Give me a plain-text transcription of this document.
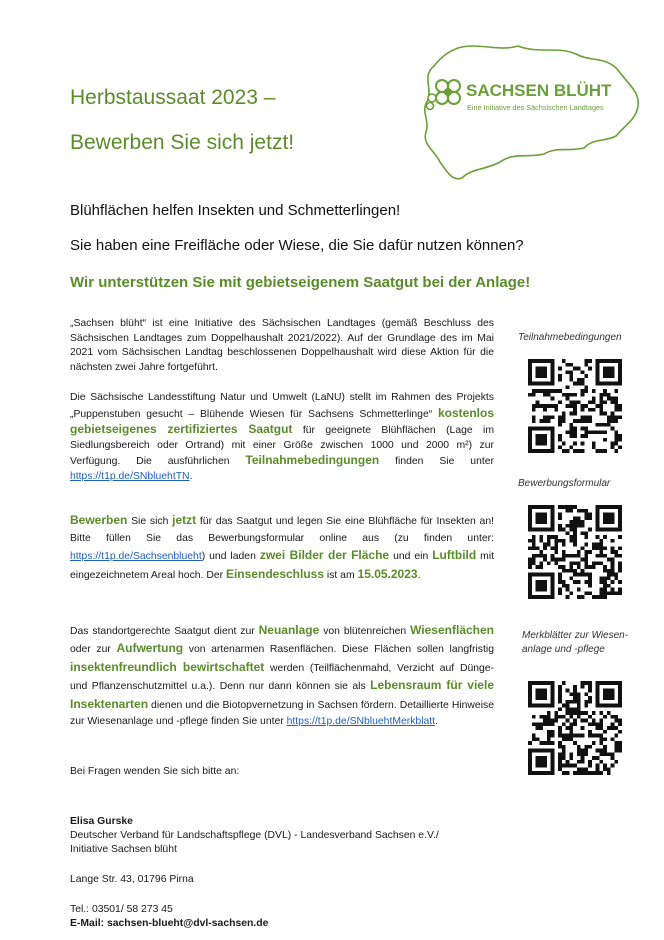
Herbstaussaat 2023 –
Bewerben Sie sich jetzt!
SACHSEN BLÜHT
Eine Initiative des Sächsischen Landtages
Blühflächen helfen Insekten und Schmetterlingen!
Sie haben eine Freifläche oder Wiese, die Sie dafür nutzen können?
Wir unterstützen Sie mit gebietseigenem Saatgut bei der Anlage!
„Sachsen blüht“ ist eine Initiative des Sächsischen Landtages (gemäß Beschluss des Sächsischen Landtages zum Doppelhaushalt 2021/2022). Auf der Grundlage des im Mai 2021 vom Sächsischen Landtag beschlossenen Doppelhaushalt wird diese Aktion für die nächsten zwei Jahre fortgeführt.
Die Sächsische Landesstiftung Natur und Umwelt (LaNU) stellt im Rahmen des Projekts „Puppenstuben gesucht – Blühende Wiesen für Sachsens Schmetterlinge“ kostenlos gebietseigenes zertifiziertes Saatgut für geeignete Blühflächen (Lage im Siedlungsbereich oder Ortrand) mit einer Größe zwischen 1000 und 2000 m²) zur Verfügung. Die ausführlichen Teilnahmebedingungen finden Sie unter https://t1p.de/SNbluehtTN.
Bewerben Sie sich jetzt für das Saatgut und legen Sie eine Blühfläche für Insekten an! Bitte füllen Sie das Bewerbungsformular online aus (zu finden unter: https://t1p.de/Sachsenblueht) und laden zwei Bilder der Fläche und ein Luftbild mit eingezeichnetem Areal hoch. Der Einsendeschluss ist am 15.05.2023.
Das standortgerechte Saatgut dient zur Neuanlage von blütenreichen Wiesenflächen oder zur Aufwertung von artenarmen Rasenflächen. Diese Flächen sollen langfristig insektenfreundlich bewirtschaftet werden (Teilflächenmahd, Verzicht auf Dünge- und Pflanzenschutzmittel u.a.). Denn nur dann können sie als Lebensraum für viele Insektenarten dienen und die Biotopvernetzung in Sachsen fördern. Detaillierte Hinweise zur Wiesenanlage und -pflege finden Sie unter https://t1p.de/SNbluehtMerkblatt.
Bei Fragen wenden Sie sich bitte an:
Elisa Gurske
Deutscher Verband für Landschaftspflege (DVL) - Landesverband Sachsen e.V./
Initiative Sachsen blüht
Lange Str. 43, 01796 Pirna
Tel.: 03501/ 58 273 45
E-Mail: sachsen-blueht@dvl-sachsen.de
Teilnahmebedingungen
Bewerbungsformular
Merkblätter zur Wiesen-anlage und -pflege
